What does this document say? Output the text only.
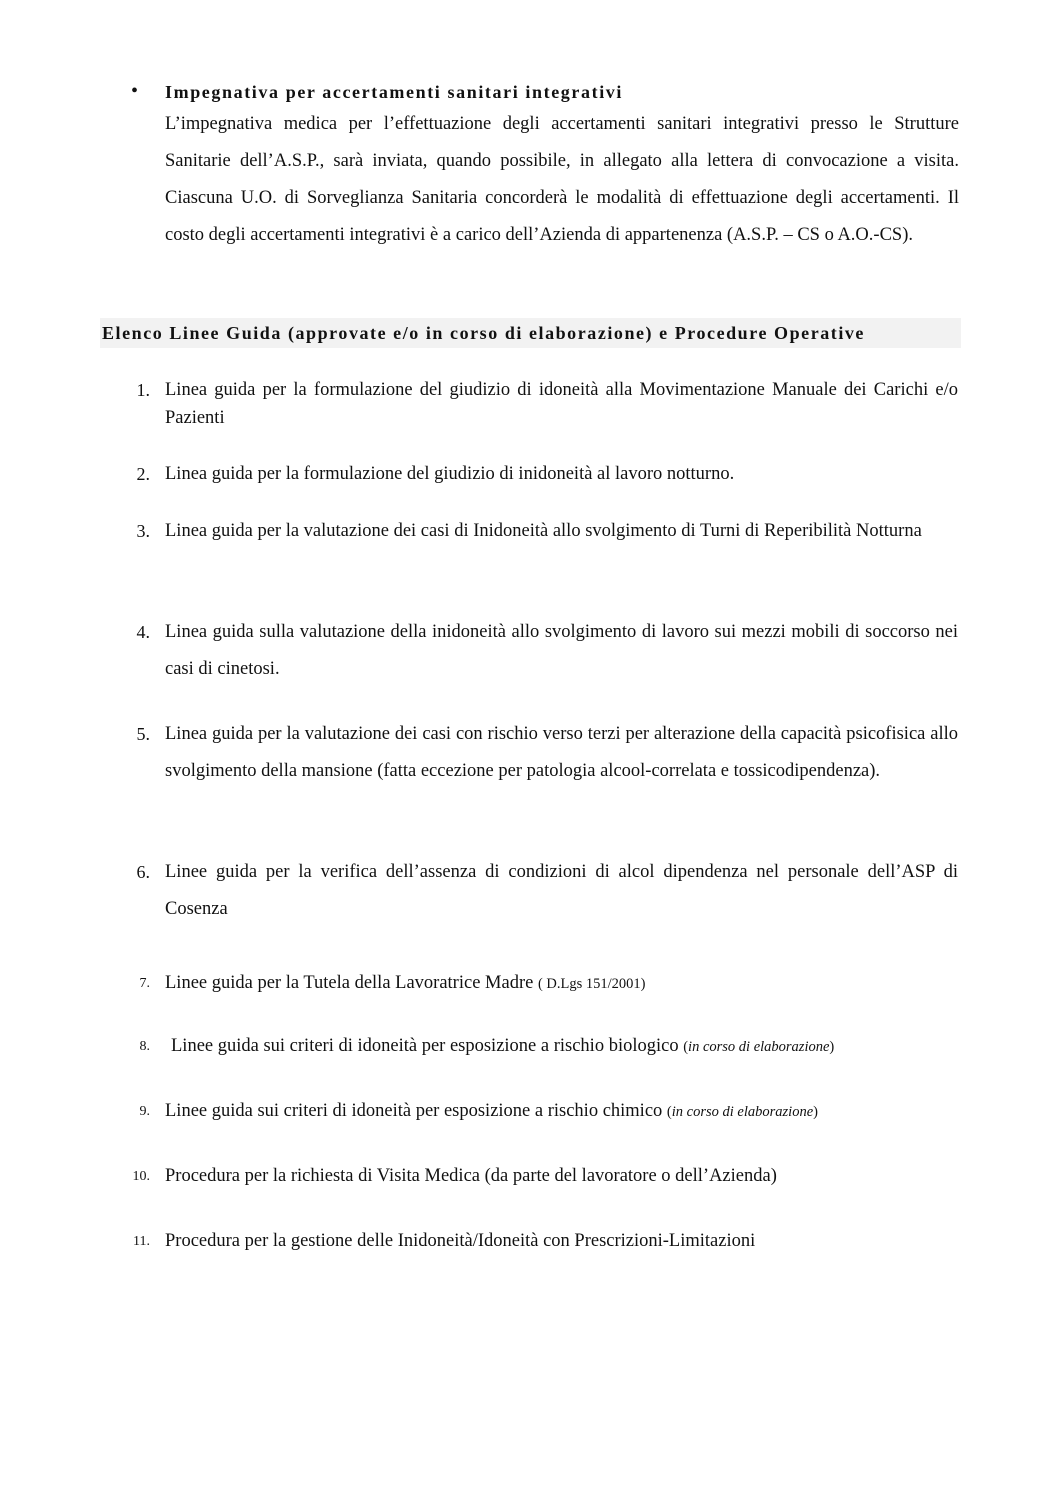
• Impegnativa per accertamenti sanitari integrativi
L’impegnativa medica per l’effettuazione degli accertamenti sanitari integrativi presso le Strutture Sanitarie dell’A.S.P., sarà inviata, quando possibile, in allegato alla lettera di convocazione a visita. Ciascuna U.O. di Sorveglianza Sanitaria concorderà le modalità di effettuazione degli accertamenti. Il costo degli accertamenti integrativi è a carico dell’Azienda di appartenenza (A.S.P. – CS o A.O.-CS).
Elenco Linee Guida (approvate e/o in corso di elaborazione) e Procedure Operative
1. Linea guida per la formulazione del giudizio di idoneità alla Movimentazione Manuale dei Carichi e/o Pazienti
2. Linea guida per la formulazione del giudizio di inidoneità al lavoro notturno.
3. Linea guida per la valutazione dei casi di Inidoneità allo svolgimento di Turni di Reperibilità Notturna
4. Linea guida sulla valutazione della inidoneità allo svolgimento di lavoro sui mezzi mobili di soccorso nei casi di cinetosi.
5. Linea guida per la valutazione dei casi con rischio verso terzi per alterazione della capacità psicofisica allo svolgimento della mansione (fatta eccezione per patologia alcool-correlata e tossicodipendenza).
6. Linee guida per la verifica dell’assenza di condizioni di alcol dipendenza nel personale dell’ASP di Cosenza
7. Linee guida per la Tutela della Lavoratrice Madre ( D.Lgs 151/2001)
8. Linee guida sui criteri di idoneità per esposizione a rischio biologico (in corso di elaborazione)
9. Linee guida sui criteri di idoneità per esposizione a rischio chimico (in corso di elaborazione)
10. Procedura per la richiesta di Visita Medica (da parte del lavoratore o dell’Azienda)
11. Procedura per la gestione delle Inidoneità/Idoneità con Prescrizioni-Limitazioni
